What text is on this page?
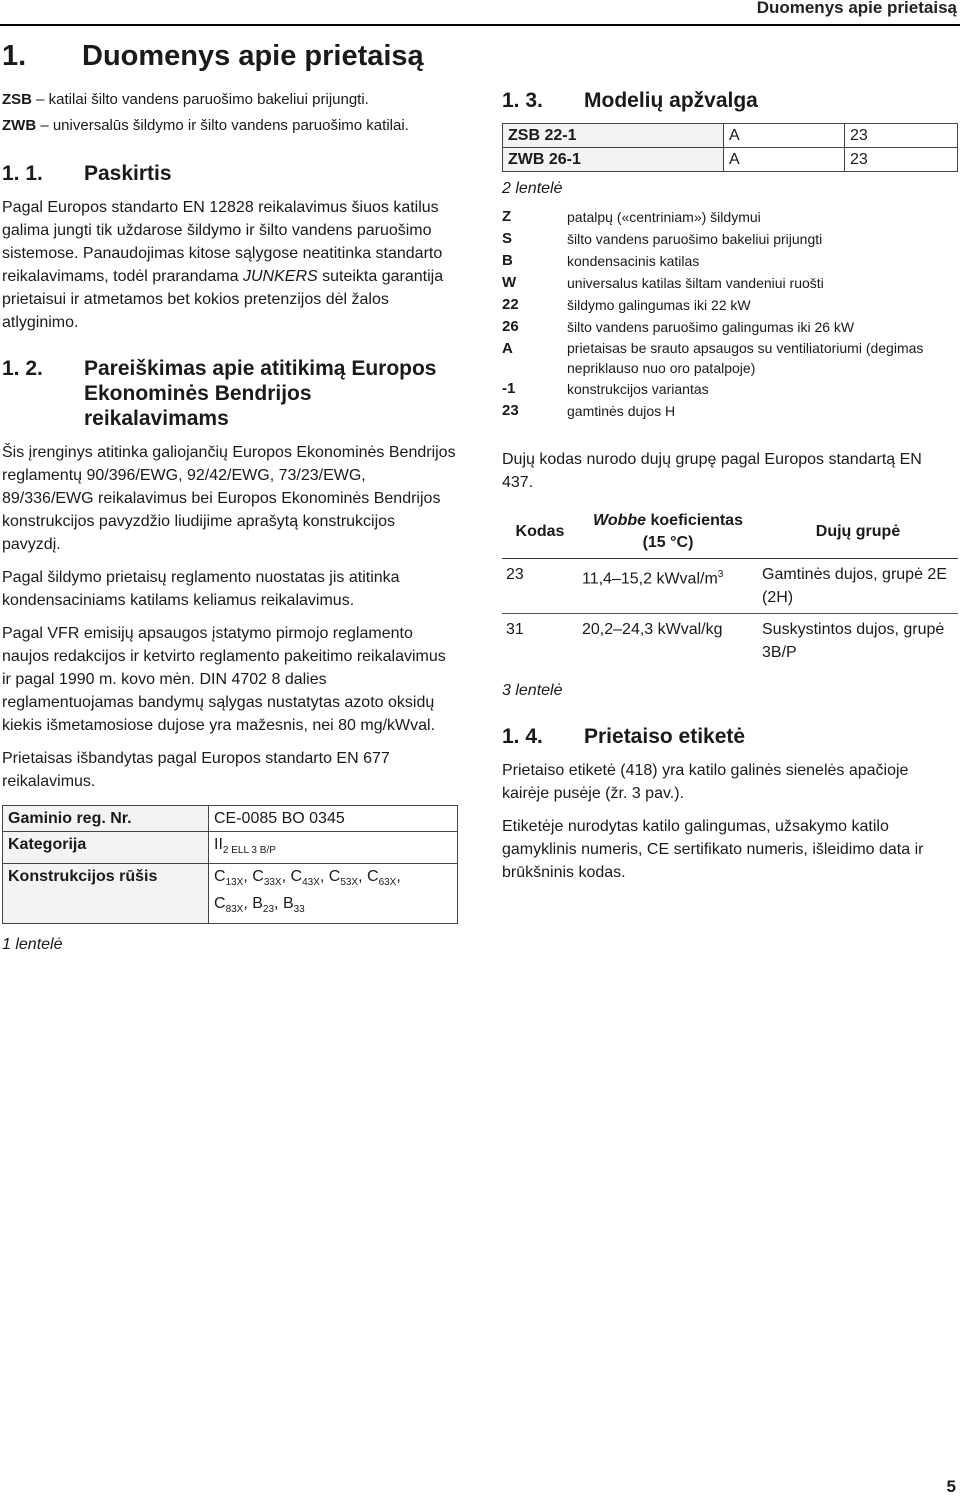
Duomenys apie prietaisą
1. Duomenys apie prietaisą

ZSB – katilai šilto vandens paruošimo bakeliui prijungti.

ZWB – universalūs šildymo ir šilto vandens paruošimo katilai.

1. 1.	Paskirtis

Pagal Europos standarto EN 12828 reikalavimus šiuos katilus galima jungti tik uždarose šildymo ir šilto vandens paruošimo sistemose. Panaudojimas kitose sąlygose neatitinka standarto reikalavimams, todėl prarandama JUNKERS suteikta garantija prietaisui ir atmetamos bet kokios pretenzijos dėl žalos atlyginimo.

1. 2.	Pareiškimas apie atitikimą Europos Ekonominės Bendrijos reikalavimams

Šis įrenginys atitinka galiojančių Europos Ekonominės Bendrijos reglamentų 90/396/EWG, 92/42/EWG, 73/23/EWG, 89/336/EWG reikalavimus bei Europos Ekonominės Bendrijos konstrukcijos pavyzdžio liudijime aprašytą konstrukcijos pavyzdį.

Pagal šildymo prietaisų reglamento nuostatas jis atitinka kondensaciniams katilams keliamus reikalavimus.

Pagal VFR emisijų apsaugos įstatymo pirmojo reglamento naujos redakcijos ir ketvirto reglamento pakeitimo reikalavimus ir pagal 1990 m. kovo mėn. DIN 4702 8 dalies reglamentuojamas bandymų sąlygas nustatytas azoto oksidų kiekis išmetamosiose dujose yra mažesnis, nei 80 mg/kWval.

Prietaisas išbandytas pagal Europos standarto EN 677 reikalavimus.

Gaminio reg. Nr.	CE-0085 BO 0345
Kategorija	$II_{2 ELL 3 B/P}$
Konstrukcijos rūšis	$C_{13X}$, $C_{33X}$, $C_{43X}$, $C_{53X}$, $C_{63X}$,
$C_{83X}$, $B_{23}$, $B_{33}$
1 lentelė
1. 3.	Modelių apžvalga
ZSB 22-1	A	23
ZWB 26-1	A	23
2 lentelė
Z	patalpų («centriniam») šildymui
S	šilto vandens paruošimo bakeliui prijungti
B	kondensacinis katilas
W	universalus katilas šiltam vandeniui ruošti
22	šildymo galingumas iki 22 kW
26	šilto vandens paruošimo galingumas iki 26 kW
A	prietaisas be srauto apsaugos su ventiliatoriumi (degimas nepriklauso nuo oro patalpoje)
-1	konstrukcijos variantas
23	gamtinės dujos H

Dujų kodas nurodo dujų grupę pagal Europos standartą EN 437.

Kodas	Wobbe koeficientas (15 °C)	Dujų grupė
23	11,4–15,2 kWval/$m^3$	Gamtinės dujos, grupė 2E (2H)
31	20,2–24,3 kWval/kg	Suskystintos dujos, grupė 3B/P
3 lentelė
1. 4.	Prietaiso etiketė

Prietaiso etiketė (418) yra katilo galinės sienelės apačioje kairėje pusėje (žr. 3 pav.).

Etiketėje nurodytas katilo galingumas, užsakymo katilo gamyklinis numeris, CE sertifikato numeris, išleidimo data ir brūkšninis kodas.

5
